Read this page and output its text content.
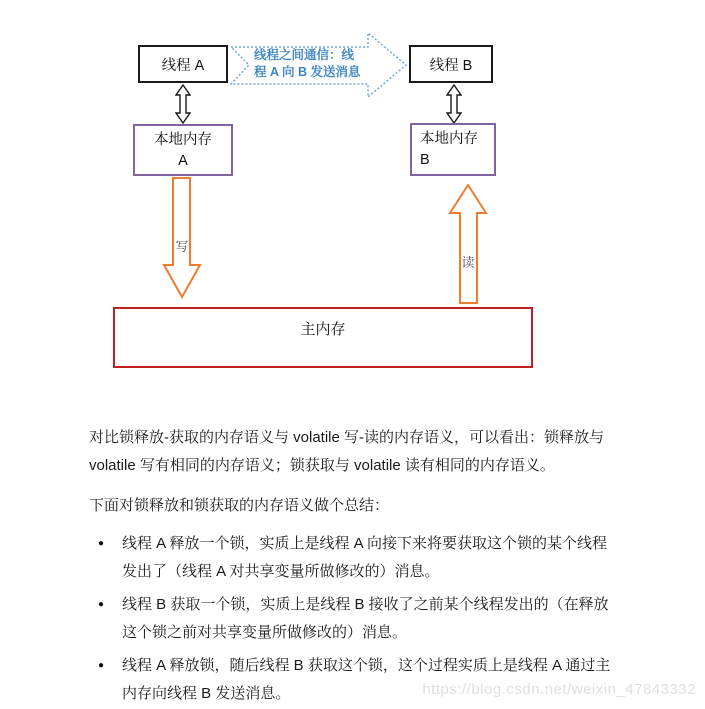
线程 A
线程之间通信：线
程 A 向 B 发送消息	线程 B
本地内存
A
本地内存
B
写
读
主内存

对比锁释放-获取的内存语义与 volatile 写-读的内存语义，可以看出：锁释放与 volatile 写有相同的内存语义；锁获取与 volatile 读有相同的内存语义。

下面对锁释放和锁获取的内存语义做个总结：

● 线程 A 释放一个锁，实质上是线程 A 向接下来将要获取这个锁的某个线程发出了（线程 A 对共享变量所做修改的）消息。
● 线程 B 获取一个锁，实质上是线程 B 接收了之前某个线程发出的（在释放这个锁之前对共享变量所做修改的）消息。
● 线程 A 释放锁，随后线程 B 获取这个锁，这个过程实质上是线程 A 通过主内存向线程 B 发送消息。	https://blog.csdn.net/weixin_47843332
